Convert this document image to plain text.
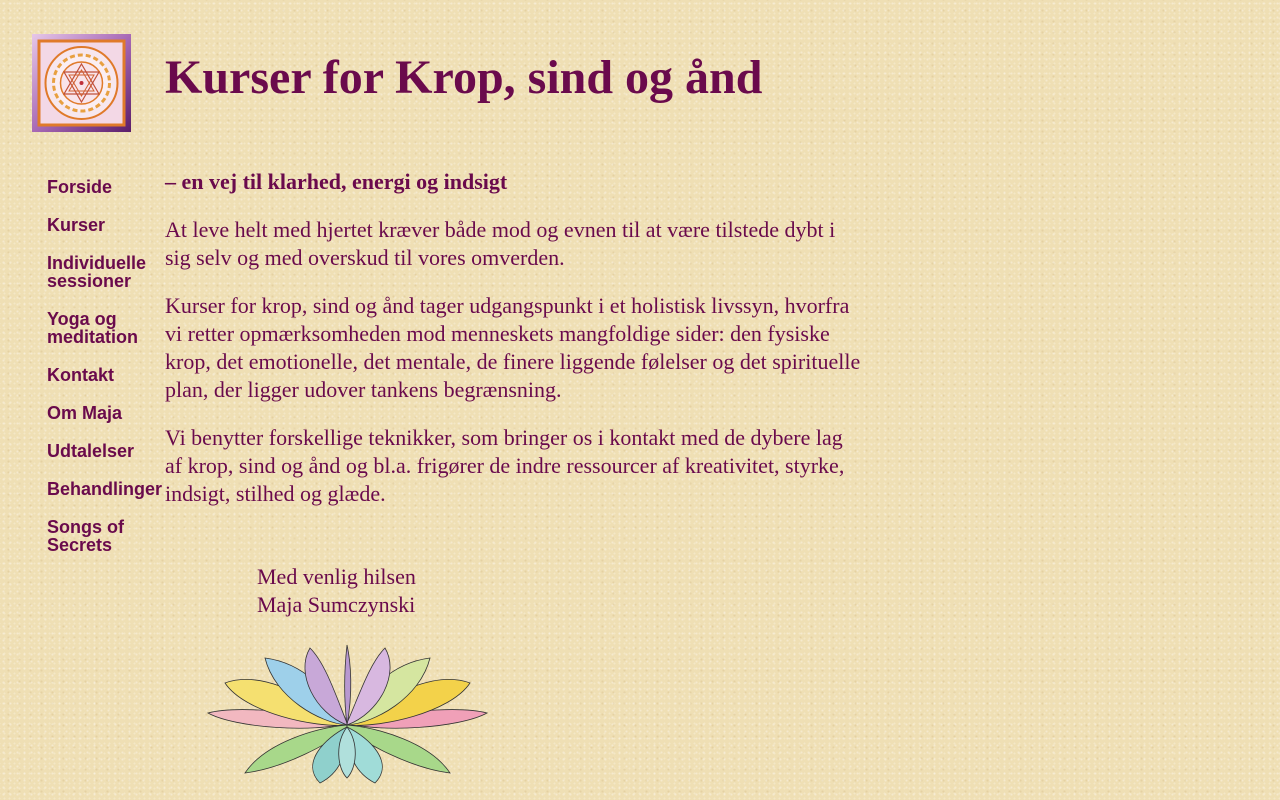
Kurser for Krop, sind og ånd
Forside
Kurser
Individuelle sessioner
Yoga og meditation
Kontakt
Om Maja
Udtalelser
Behandlinger
Songs of Secrets

– en vej til klarhed, energi og indsigt

At leve helt med hjertet kræver både mod og evnen til at være tilstede dybt i sig selv og med overskud til vores omverden.

Kurser for krop, sind og ånd tager udgangspunkt i et holistisk livssyn, hvorfra vi retter opmærksomheden mod menneskets mangfoldige sider: den fysiske krop, det emotionelle, det mentale, de finere liggende følelser og det spirituelle plan, der ligger udover tankens begrænsning.

Vi benytter forskellige teknikker, som bringer os i kontakt med de dybere lag af krop, sind og ånd og bl.a. frigører de indre ressourcer af kreativitet, styrke, indsigt, stilhed og glæde.

Med venlig hilsen
Maja Sumczynski
